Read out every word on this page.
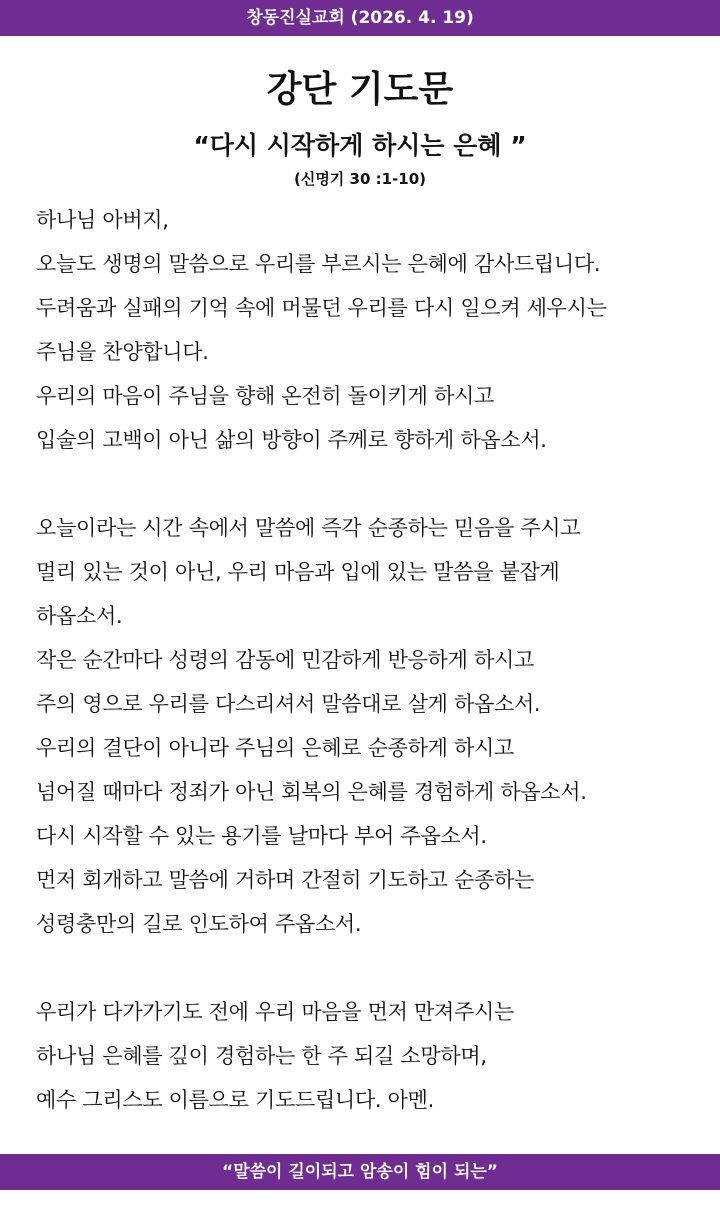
창동진실교회 (2026. 4. 19)
강단 기도문
“다시 시작하게 하시는 은혜 ”
(신명기 30 :1-10)
하나님 아버지,
오늘도 생명의 말씀으로 우리를 부르시는 은혜에 감사드립니다.
두려움과 실패의 기억 속에 머물던 우리를 다시 일으켜 세우시는
주님을 찬양합니다.
우리의 마음이 주님을 향해 온전히 돌이키게 하시고
입술의 고백이 아닌 삶의 방향이 주께로 향하게 하옵소서.
오늘이라는 시간 속에서 말씀에 즉각 순종하는 믿음을 주시고
멀리 있는 것이 아닌, 우리 마음과 입에 있는 말씀을 붙잡게
하옵소서.
작은 순간마다 성령의 감동에 민감하게 반응하게 하시고
주의 영으로 우리를 다스리셔서 말씀대로 살게 하옵소서.
우리의 결단이 아니라 주님의 은혜로 순종하게 하시고
넘어질 때마다 정죄가 아닌 회복의 은혜를 경험하게 하옵소서.
다시 시작할 수 있는 용기를 날마다 부어 주옵소서.
먼저 회개하고 말씀에 거하며 간절히 기도하고 순종하는
성령충만의 길로 인도하여 주옵소서.
우리가 다가가기도 전에 우리 마음을 먼저 만져주시는
하나님 은혜를 깊이 경험하는 한 주 되길 소망하며,
예수 그리스도 이름으로 기도드립니다. 아멘.
“말씀이 길이되고 암송이 힘이 되는”
